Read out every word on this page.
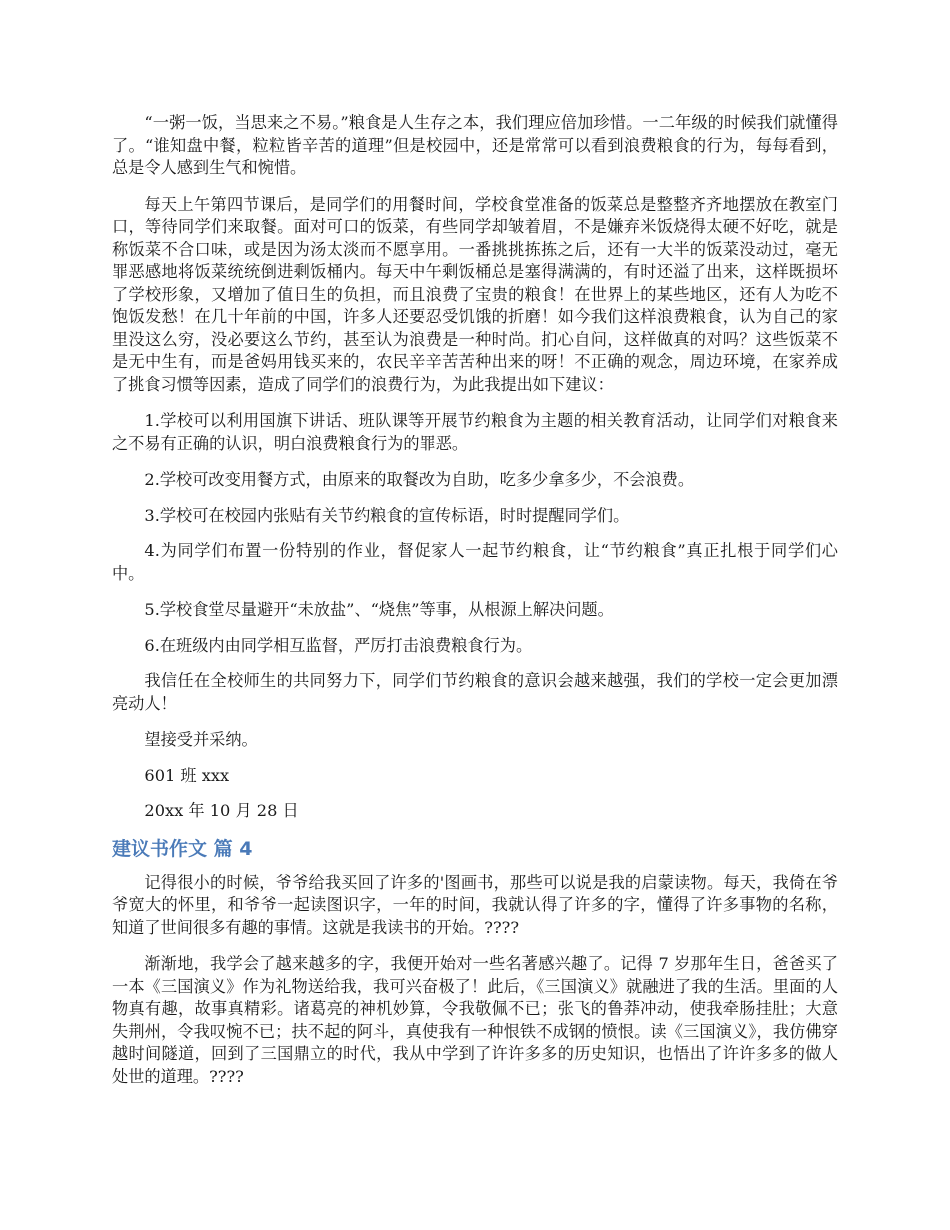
“一粥一饭，当思来之不易。”粮食是人生存之本，我们理应倍加珍惜。一二年级的时候我们就懂得了。“谁知盘中餐，粒粒皆辛苦的道理”但是校园中，还是常常可以看到浪费粮食的行为，每每看到，总是令人感到生气和惋惜。

每天上午第四节课后，是同学们的用餐时间，学校食堂准备的饭菜总是整整齐齐地摆放在教室门口，等待同学们来取餐。面对可口的饭菜，有些同学却皱着眉，不是嫌弃米饭烧得太硬不好吃，就是称饭菜不合口味，或是因为汤太淡而不愿享用。一番挑挑拣拣之后，还有一大半的饭菜没动过，毫无罪恶感地将饭菜统统倒进剩饭桶内。每天中午剩饭桶总是塞得满满的，有时还溢了出来，这样既损坏了学校形象，又增加了值日生的负担，而且浪费了宝贵的粮食！在世界上的某些地区，还有人为吃不饱饭发愁！在几十年前的中国，许多人还要忍受饥饿的折磨！如今我们这样浪费粮食，认为自己的家里没这么穷，没必要这么节约，甚至认为浪费是一种时尚。扪心自问，这样做真的对吗？这些饭菜不是无中生有，而是爸妈用钱买来的，农民辛辛苦苦种出来的呀！不正确的观念，周边环境，在家养成了挑食习惯等因素，造成了同学们的浪费行为，为此我提出如下建议：

1.学校可以利用国旗下讲话、班队课等开展节约粮食为主题的相关教育活动，让同学们对粮食来之不易有正确的认识，明白浪费粮食行为的罪恶。

2.学校可改变用餐方式，由原来的取餐改为自助，吃多少拿多少，不会浪费。

3.学校可在校园内张贴有关节约粮食的宣传标语，时时提醒同学们。

4.为同学们布置一份特别的作业，督促家人一起节约粮食，让“节约粮食”真正扎根于同学们心中。

5.学校食堂尽量避开“未放盐”、“烧焦”等事，从根源上解决问题。

6.在班级内由同学相互监督，严厉打击浪费粮食行为。

我信任在全校师生的共同努力下，同学们节约粮食的意识会越来越强，我们的学校一定会更加漂亮动人！

望接受并采纳。

601 班 xxx

20xx 年 10 月 28 日

建议书作文 篇 4

记得很小的时候，爷爷给我买回了许多的'图画书，那些可以说是我的启蒙读物。每天，我倚在爷爷宽大的怀里，和爷爷一起读图识字，一年的时间，我就认得了许多的字，懂得了许多事物的名称，知道了世间很多有趣的事情。这就是我读书的开始。????

渐渐地，我学会了越来越多的字，我便开始对一些名著感兴趣了。记得 7 岁那年生日，爸爸买了一本《三国演义》作为礼物送给我，我可兴奋极了！此后，《三国演义》就融进了我的生活。里面的人物真有趣，故事真精彩。诸葛亮的神机妙算，令我敬佩不已；张飞的鲁莽冲动，使我牵肠挂肚；大意失荆州，令我叹惋不已；扶不起的阿斗，真使我有一种恨铁不成钢的愤恨。读《三国演义》，我仿佛穿越时间隧道，回到了三国鼎立的时代，我从中学到了许许多多的历史知识，也悟出了许许多多的做人处世的道理。????
